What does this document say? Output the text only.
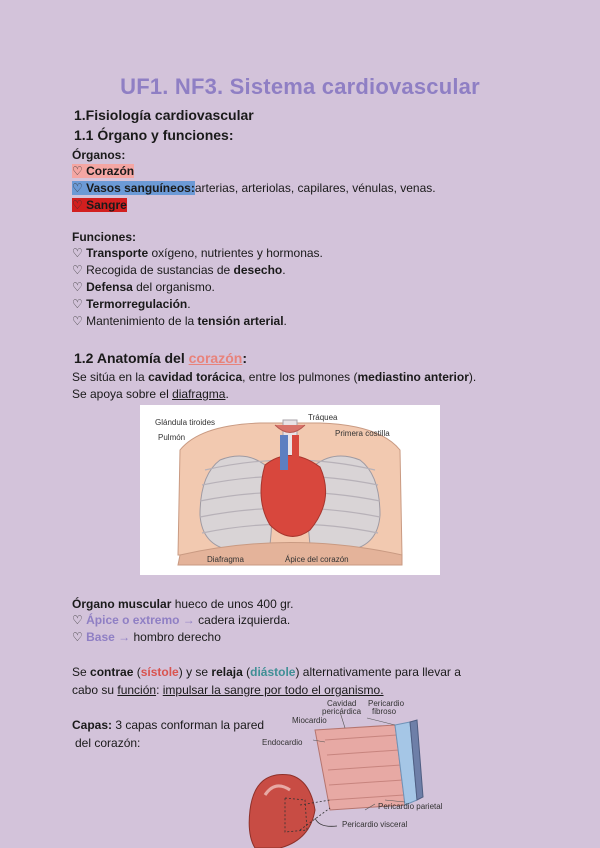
UF1. NF3. Sistema cardiovascular
1.Fisiología cardiovascular
1.1 Órgano y funciones:
Órganos:
♡ Corazón
♡ Vasos sanguíneos:arterias, arteriolas, capilares, vénulas, venas.
♡ Sangre
Funciones:
♡ Transporte oxígeno, nutrientes y hormonas.
♡ Recogida de sustancias de desecho.
♡ Defensa del organismo.
♡ Termorregulación.
♡ Mantenimiento de la tensión arterial.
1.2 Anatomía del corazón:
Se sitúa en la cavidad torácica, entre los pulmones (mediastino anterior).
Se apoya sobre el diafragma.
Glándula tiroides
Pulmón
Tráquea
Primera costilla
Diafragma	Ápice del corazón
Órgano muscular hueco de unos 400 gr.
♡ Ápice o extremo → cadera izquierda.
♡ Base → hombro derecho
Se contrae (sístole) y se relaja (diástole) alternativamente para llevar a
cabo su función: impulsar la sangre por todo el organismo.
Capas: 3 capas conforman la pared
del corazón:
Cavidad
pericárdica
Pericardio
fibroso
Miocardio
Endocardio
Pericardio parietal
Pericardio visceral
